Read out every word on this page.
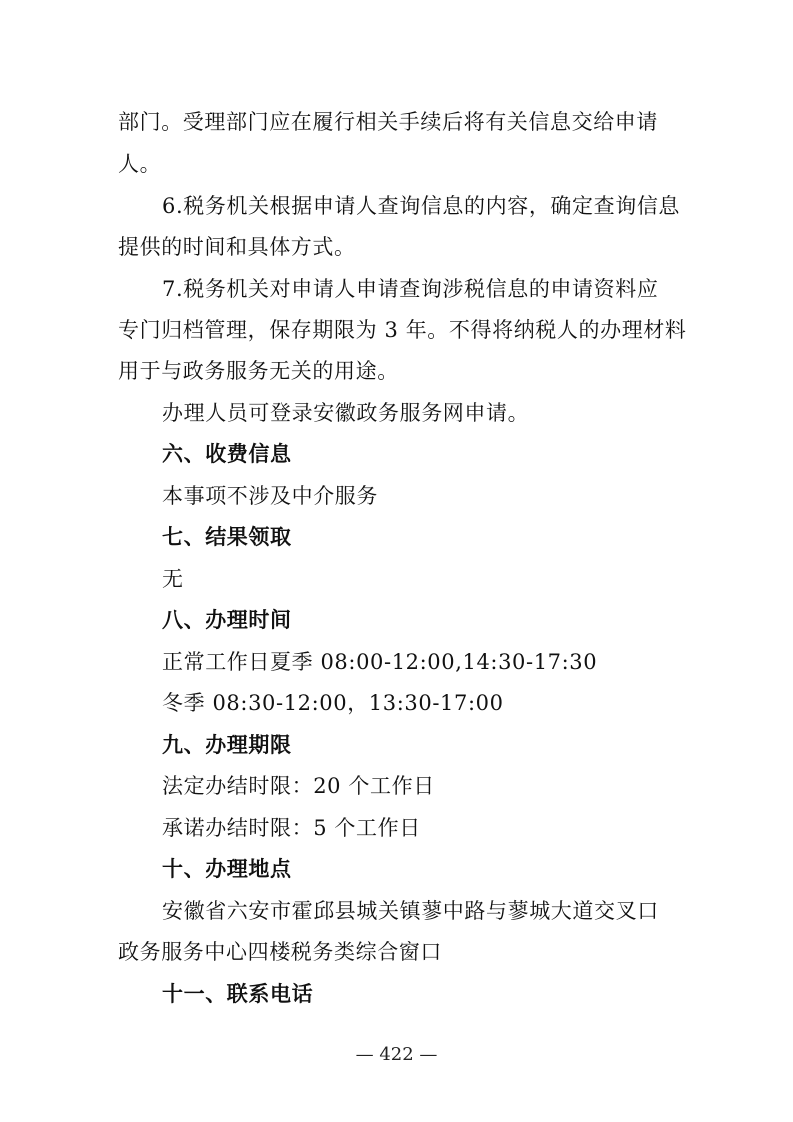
部门。受理部门应在履行相关手续后将有关信息交给申请
人。
6.税务机关根据申请人查询信息的内容，确定查询信息
提供的时间和具体方式。
7.税务机关对申请人申请查询涉税信息的申请资料应
专门归档管理，保存期限为 3 年。不得将纳税人的办理材料
用于与政务服务无关的用途。
办理人员可登录安徽政务服务网申请。
六、收费信息
本事项不涉及中介服务
七、结果领取
无
八、办理时间
正常工作日夏季 08:00-12:00,14:30-17:30
冬季 08:30-12:00，13:30-17:00
九、办理期限
法定办结时限：20 个工作日
承诺办结时限：5 个工作日
十、办理地点
安徽省六安市霍邱县城关镇蓼中路与蓼城大道交叉口
政务服务中心四楼税务类综合窗口
十一、联系电话
— 422 —
